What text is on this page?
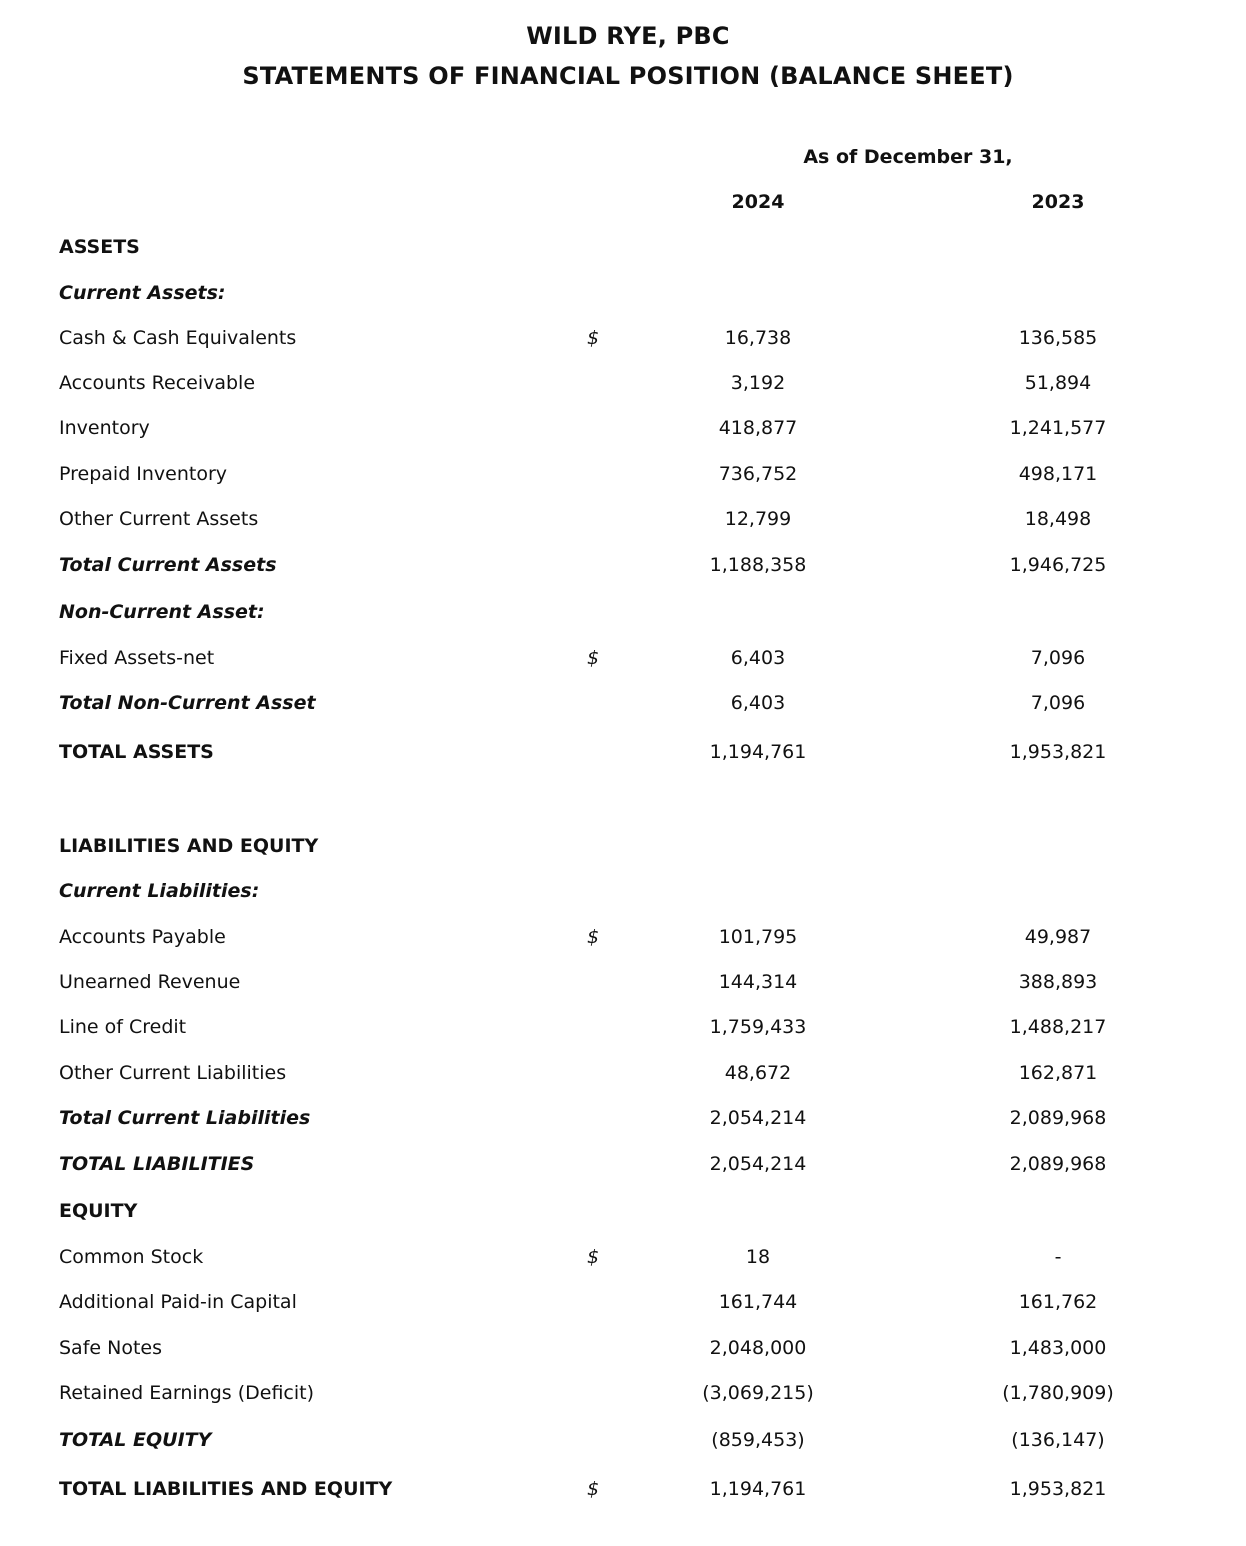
WILD RYE, PBC
STATEMENTS OF FINANCIAL POSITION (BALANCE SHEET)
As of December 31,
2024	2023
ASSETS
Current Assets:
Cash & Cash Equivalents	$	16,738	136,585
Accounts Receivable	3,192	51,894
Inventory	418,877	1,241,577
Prepaid Inventory	736,752	498,171
Other Current Assets	12,799	18,498
Total Current Assets	1,188,358	1,946,725
Non-Current Asset:
Fixed Assets-net	$	6,403	7,096
Total Non-Current Asset	6,403	7,096
TOTAL ASSETS	1,194,761	1,953,821
LIABILITIES AND EQUITY
Current Liabilities:
Accounts Payable	$	101,795	49,987
Unearned Revenue	144,314	388,893
Line of Credit	1,759,433	1,488,217
Other Current Liabilities	48,672	162,871
Total Current Liabilities	2,054,214	2,089,968
TOTAL LIABILITIES	2,054,214	2,089,968
EQUITY
Common Stock	$	18	-
Additional Paid-in Capital	161,744	161,762
Safe Notes	2,048,000	1,483,000
Retained Earnings (Deficit)	(3,069,215)	(1,780,909)
TOTAL EQUITY	(859,453)	(136,147)
TOTAL LIABILITIES AND EQUITY	$	1,194,761	1,953,821
